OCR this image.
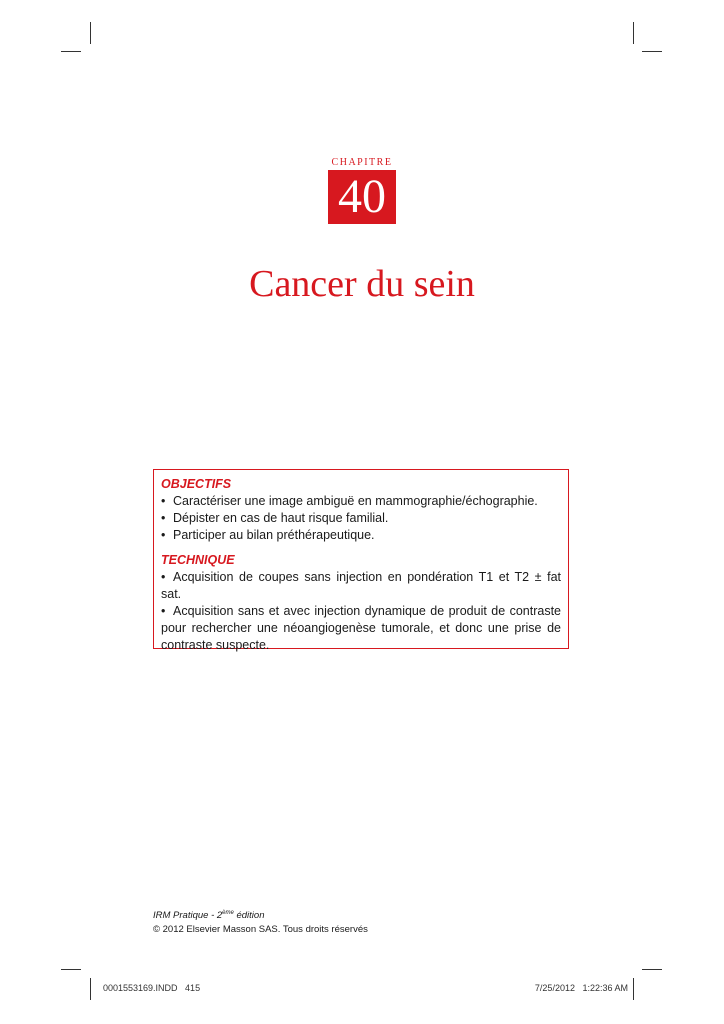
CHAPITRE
40
Cancer du sein
OBJECTIFS
• Caractériser une image ambiguë en mammographie/échographie.
• Dépister en cas de haut risque familial.
• Participer au bilan préthérapeutique.
TECHNIQUE
• Acquisition de coupes sans injection en pondération T1 et T2 ± fat sat.
• Acquisition sans et avec injection dynamique de produit de contraste pour rechercher une néoangiogenèse tumorale, et donc une prise de contraste suspecte.
IRM Pratique - 2ème édition
© 2012 Elsevier Masson SAS. Tous droits réservés
0001553169.INDD   415	7/25/2012   1:22:36 AM
